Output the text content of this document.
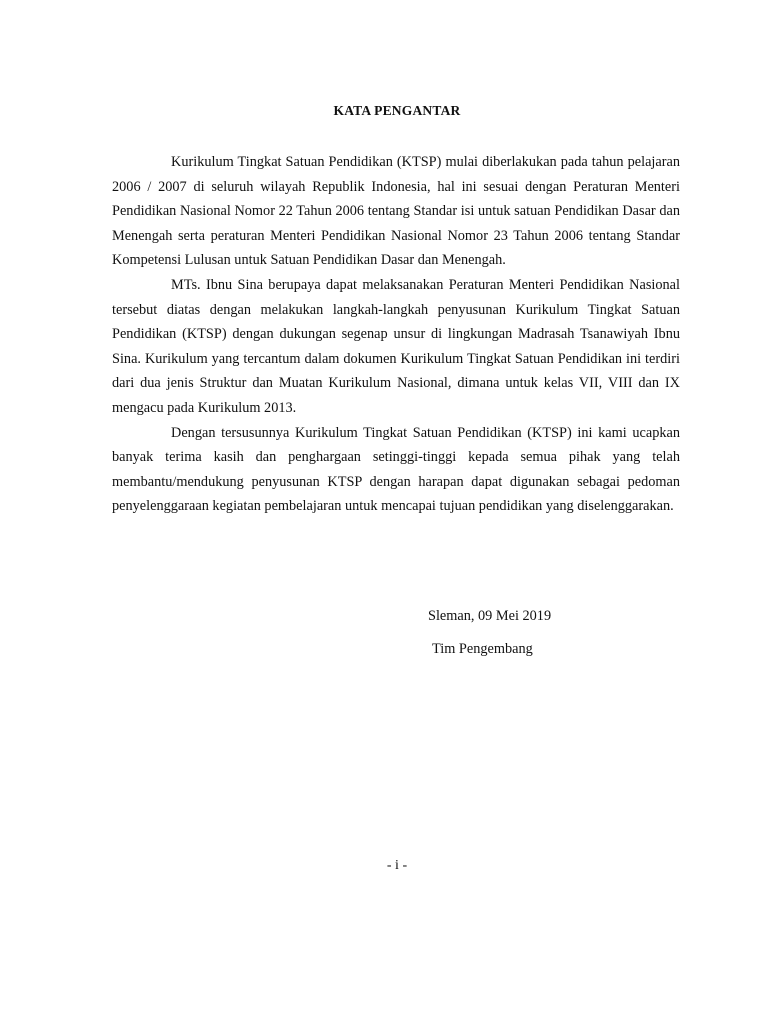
KATA PENGANTAR

Kurikulum Tingkat Satuan Pendidikan (KTSP) mulai diberlakukan pada tahun pelajaran 2006 / 2007 di seluruh wilayah Republik Indonesia, hal ini sesuai dengan Peraturan Menteri Pendidikan Nasional Nomor 22 Tahun 2006 tentang Standar isi untuk satuan Pendidikan Dasar dan Menengah serta peraturan Menteri Pendidikan Nasional Nomor 23 Tahun 2006 tentang Standar Kompetensi Lulusan untuk Satuan Pendidikan Dasar dan Menengah.

MTs. Ibnu Sina berupaya dapat melaksanakan Peraturan Menteri Pendidikan Nasional tersebut diatas dengan melakukan langkah-langkah penyusunan Kurikulum Tingkat Satuan Pendidikan (KTSP) dengan dukungan segenap unsur di lingkungan Madrasah Tsanawiyah Ibnu Sina. Kurikulum yang tercantum dalam dokumen Kurikulum Tingkat Satuan Pendidikan ini terdiri dari dua jenis Struktur dan Muatan Kurikulum Nasional, dimana untuk kelas VII, VIII dan IX mengacu pada Kurikulum 2013.

Dengan tersusunnya Kurikulum Tingkat Satuan Pendidikan (KTSP) ini kami ucapkan banyak terima kasih dan penghargaan setinggi-tinggi kepada semua pihak yang telah membantu/mendukung penyusunan KTSP dengan harapan dapat digunakan sebagai pedoman penyelenggaraan kegiatan pembelajaran untuk mencapai tujuan pendidikan yang diselenggarakan.

Sleman, 09 Mei 2019
Tim Pengembang
- i -
